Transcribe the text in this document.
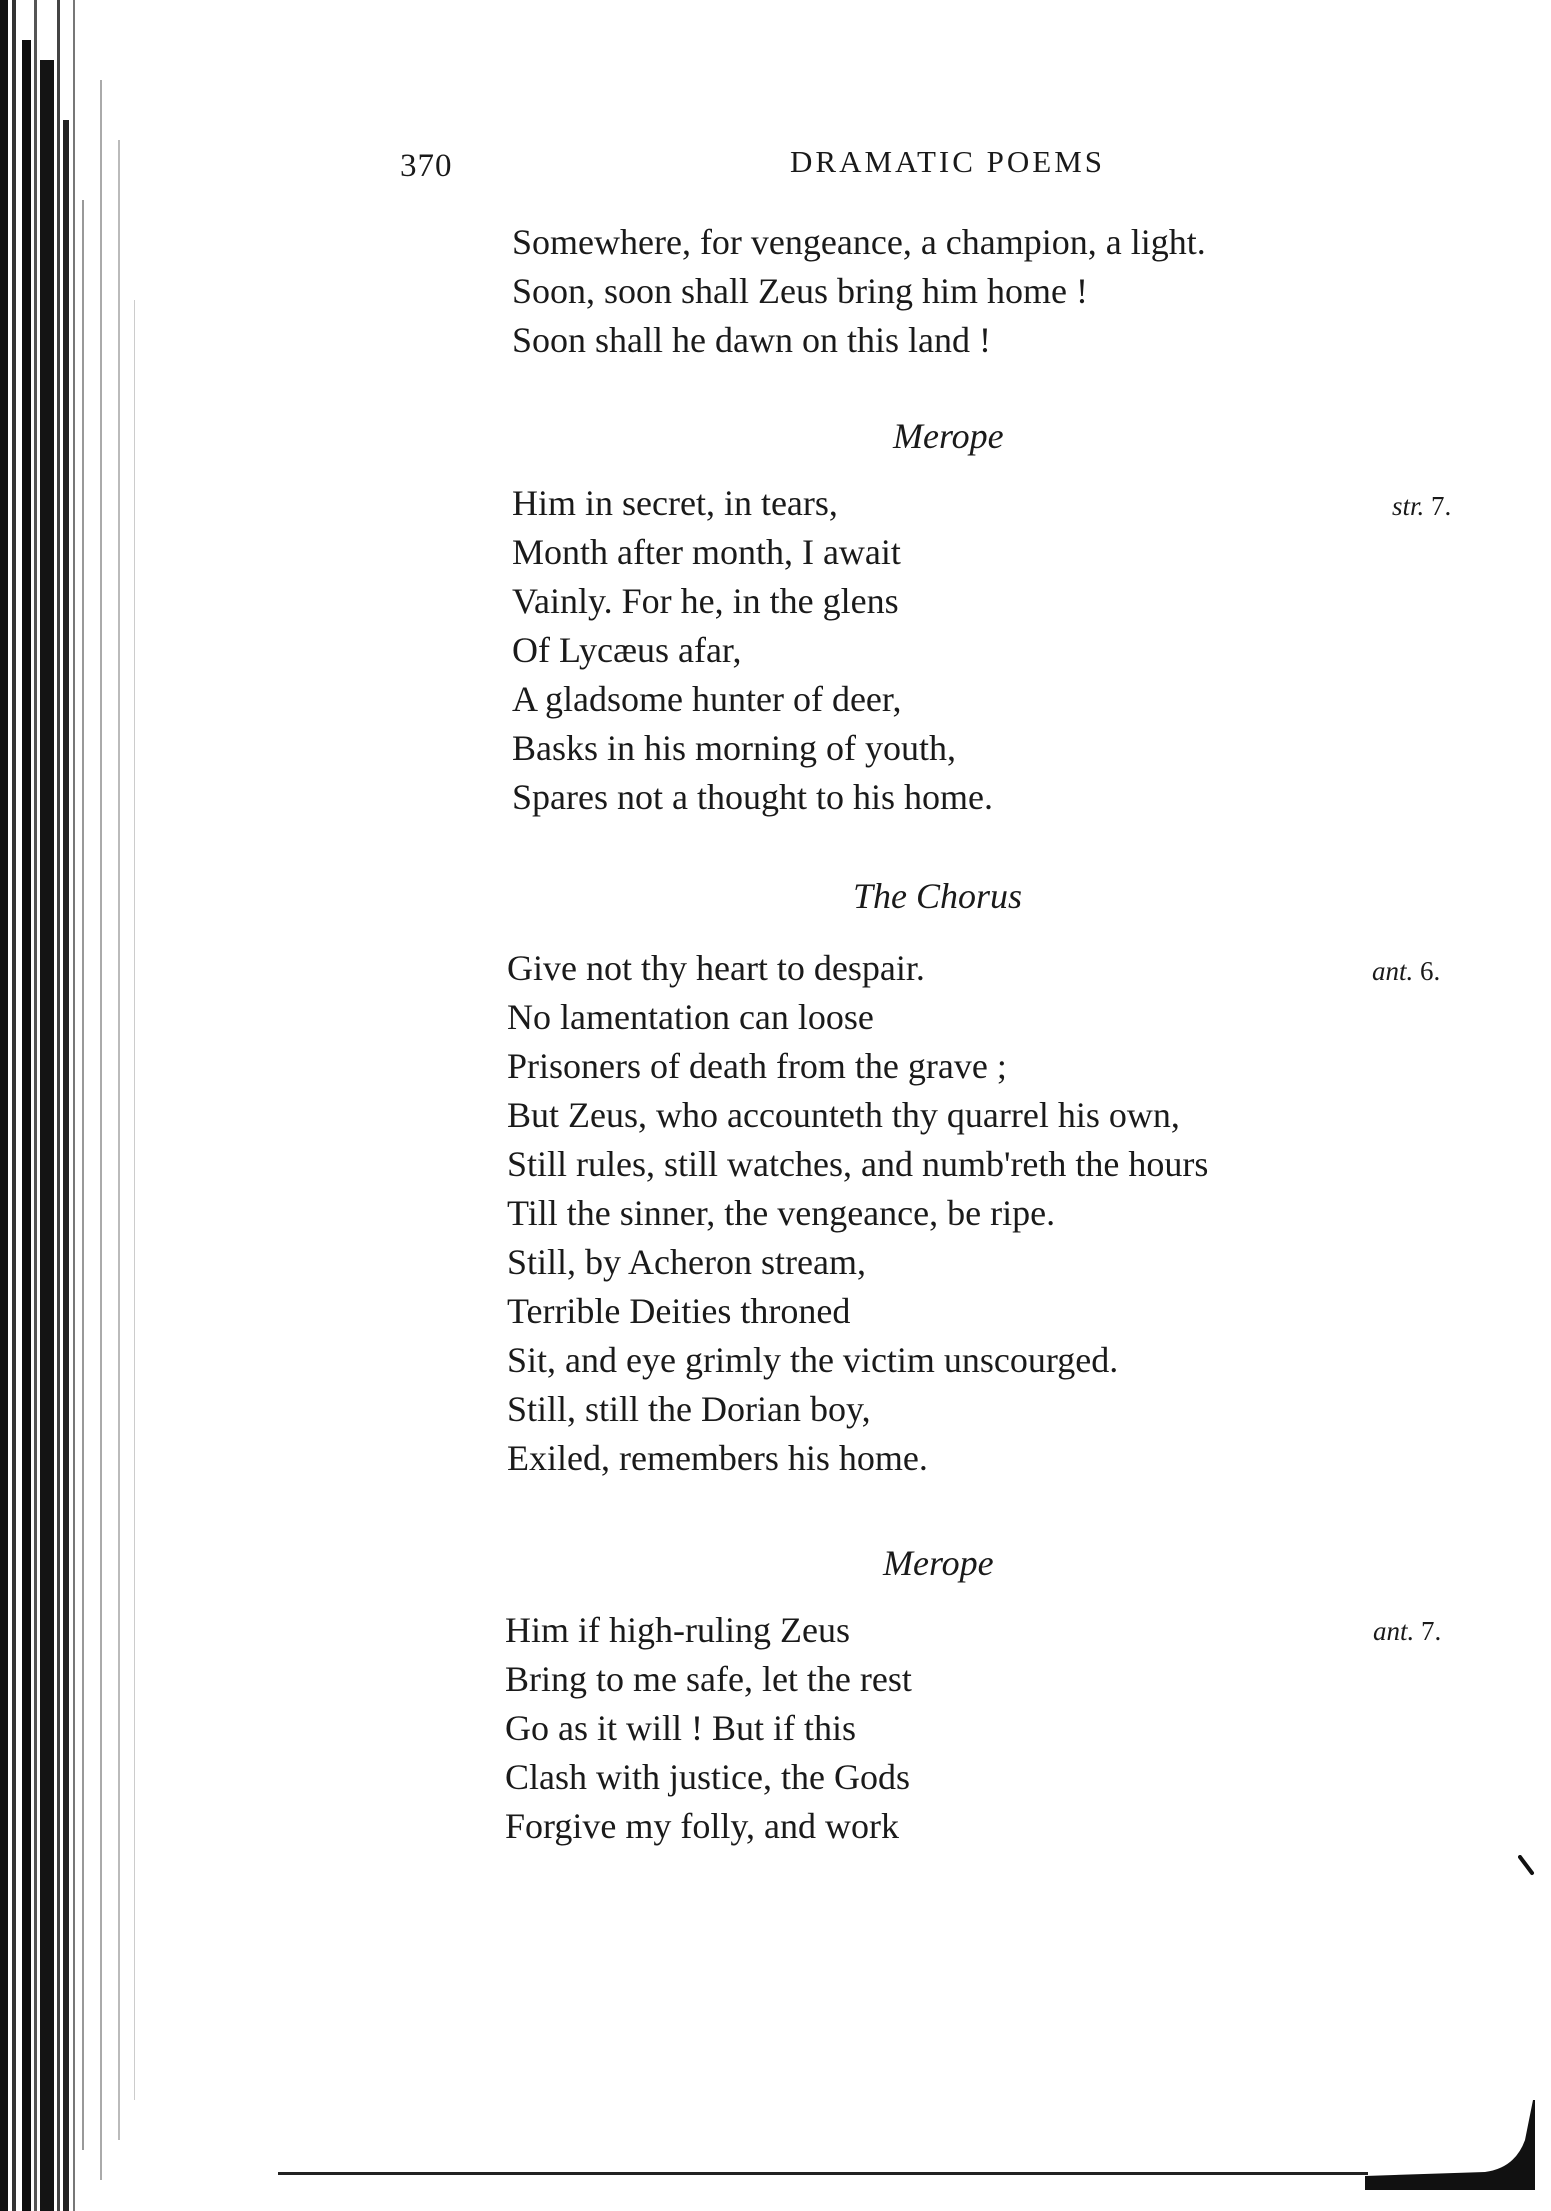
370	DRAMATIC POEMS
Somewhere, for vengeance, a champion, a light.
Soon, soon shall Zeus bring him home !
Soon shall he dawn on this land !
Merope
str. 7.
Him in secret, in tears,
Month after month, I await
Vainly. For he, in the glens
Of Lycæus afar,
A gladsome hunter of deer,
Basks in his morning of youth,
Spares not a thought to his home.
The Chorus
ant. 6.
Give not thy heart to despair.
No lamentation can loose
Prisoners of death from the grave ;
But Zeus, who accounteth thy quarrel his own,
Still rules, still watches, and numb'reth the hours
Till the sinner, the vengeance, be ripe.
Still, by Acheron stream,
Terrible Deities throned
Sit, and eye grimly the victim unscourged.
Still, still the Dorian boy,
Exiled, remembers his home.
Merope
ant. 7.
Him if high-ruling Zeus
Bring to me safe, let the rest
Go as it will ! But if this
Clash with justice, the Gods
Forgive my folly, and work
